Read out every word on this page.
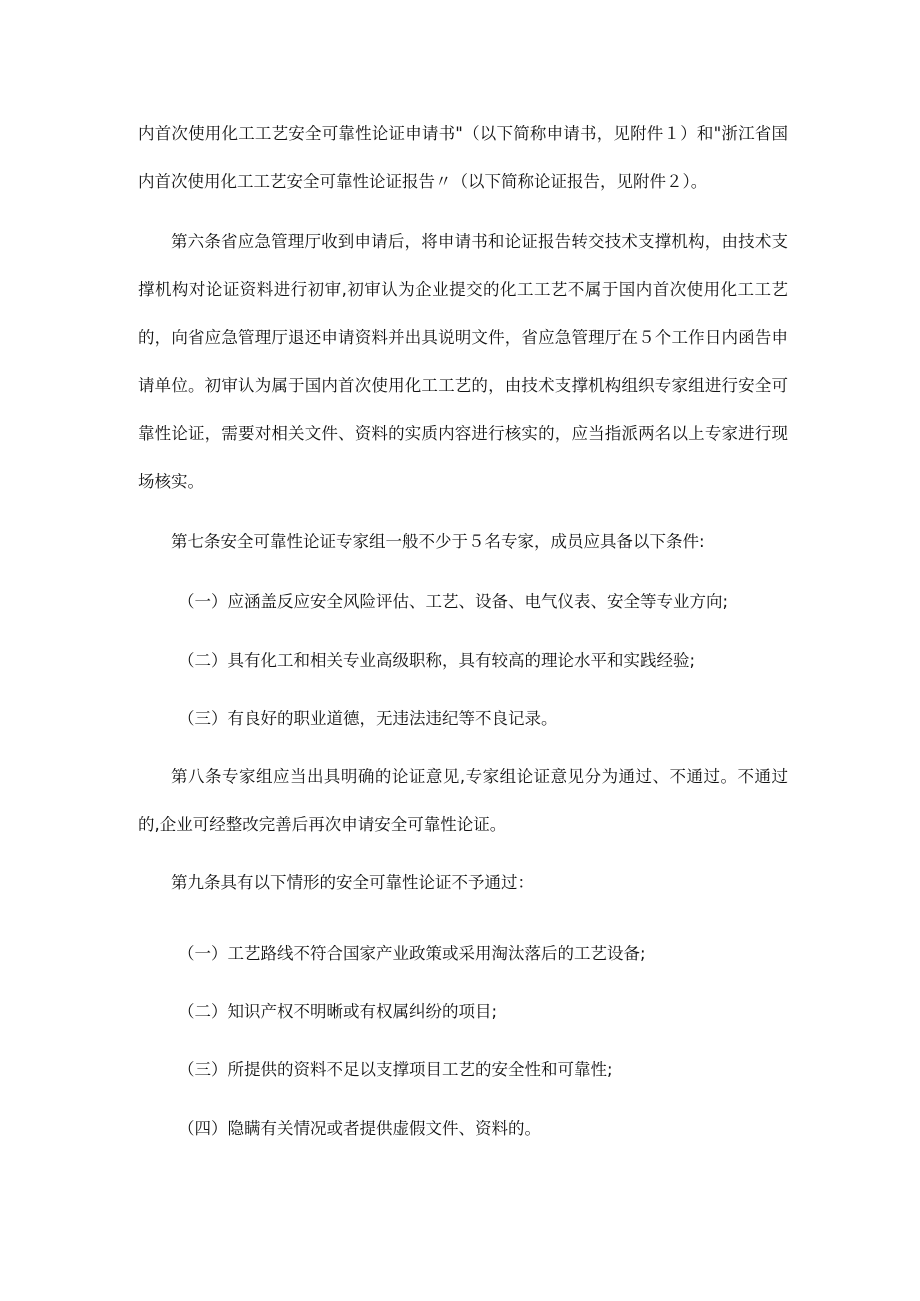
内首次使用化工工艺安全可靠性论证申请书"（以下简称申请书，见附件１）和"浙江省国内首次使用化工工艺安全可靠性论证报告〃（以下简称论证报告，见附件２）。

第六条省应急管理厅收到申请后，将申请书和论证报告转交技术支撑机构，由技术支撑机构对论证资料进行初审,初审认为企业提交的化工工艺不属于国内首次使用化工工艺的，向省应急管理厅退还申请资料并出具说明文件，省应急管理厅在５个工作日内函告申请单位。初审认为属于国内首次使用化工工艺的，由技术支撑机构组织专家组进行安全可靠性论证，需要对相关文件、资料的实质内容进行核实的，应当指派两名以上专家进行现场核实。

第七条安全可靠性论证专家组一般不少于５名专家，成员应具备以下条件:

（一）应涵盖反应安全风险评估、工艺、设备、电气仪表、安全等专业方向;

（二）具有化工和相关专业高级职称，具有较高的理论水平和实践经验;

（三）有良好的职业道德，无违法违纪等不良记录。

第八条专家组应当出具明确的论证意见,专家组论证意见分为通过、不通过。不通过的,企业可经整改完善后再次申请安全可靠性论证。

第九条具有以下情形的安全可靠性论证不予通过：

（一）工艺路线不符合国家产业政策或采用淘汰落后的工艺设备;

（二）知识产权不明晰或有权属纠纷的项目;

（三）所提供的资料不足以支撑项目工艺的安全性和可靠性;

（四）隐瞒有关情况或者提供虚假文件、资料的。
